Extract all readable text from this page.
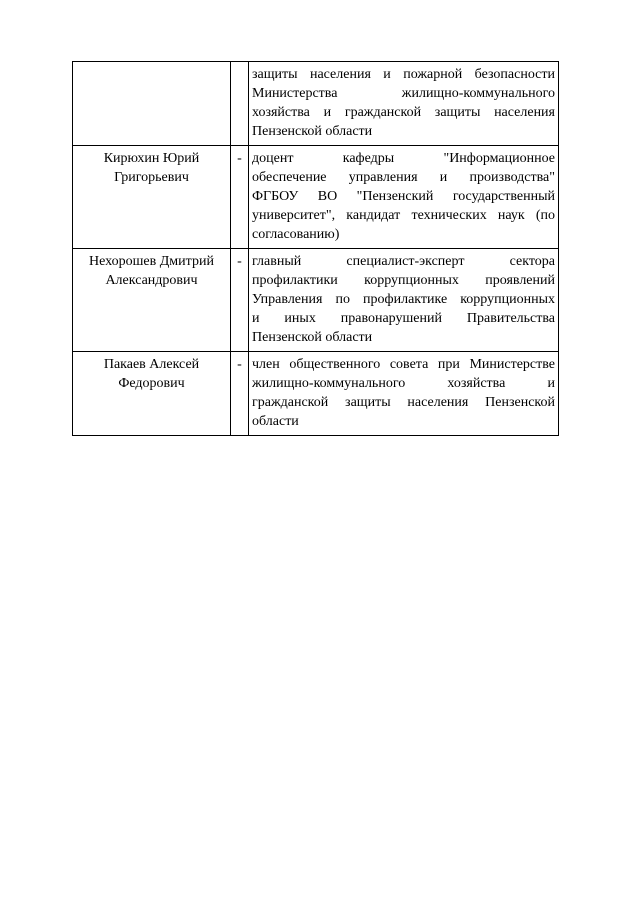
		защиты населения и пожарной безопасности
Министерства жилищно-коммунального
хозяйства и гражданской защиты населения
Пензенской области

Кирюхин Юрий
Григорьевич	-	доцент кафедры "Информационное
обеспечение управления и производства"
ФГБОУ ВО "Пензенский государственный
университет", кандидат технических наук (по
согласованию)

Нехорошев Дмитрий
Александрович	-	главный специалист-эксперт сектора
профилактики коррупционных проявлений
Управления по профилактике коррупционных
и иных правонарушений Правительства
Пензенской области

Пакаев Алексей
Федорович	-	член общественного совета при Министерстве
жилищно-коммунального хозяйства и
гражданской защиты населения Пензенской
области
